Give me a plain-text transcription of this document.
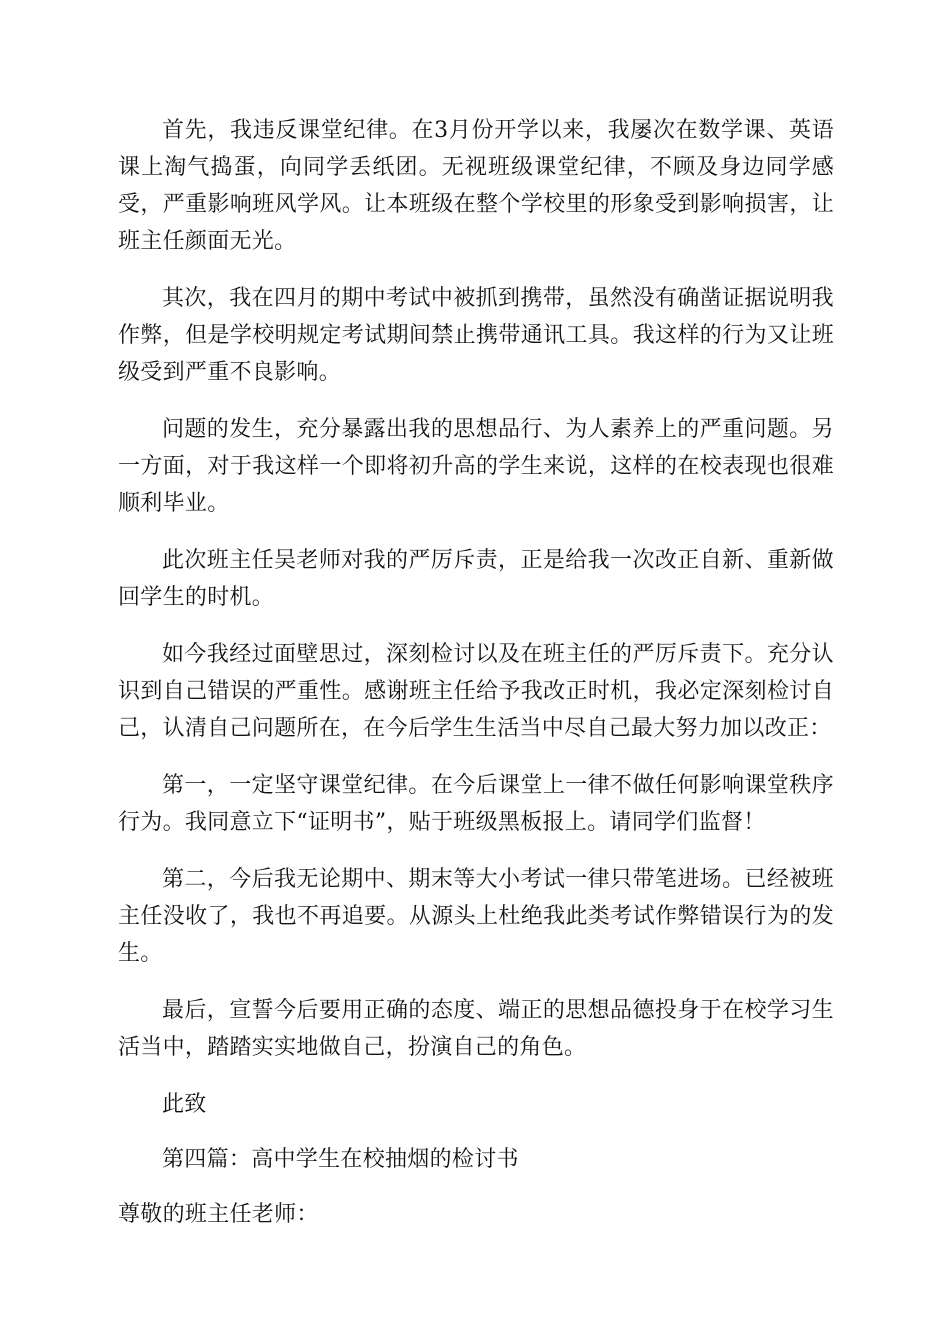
首先，我违反课堂纪律。在3月份开学以来，我屡次在数学课、英语课上淘气捣蛋，向同学丢纸团。无视班级课堂纪律，不顾及身边同学感受，严重影响班风学风。让本班级在整个学校里的形象受到影响损害，让班主任颜面无光。

其次，我在四月的期中考试中被抓到携带，虽然没有确凿证据说明我作弊，但是学校明规定考试期间禁止携带通讯工具。我这样的行为又让班级受到严重不良影响。

问题的发生，充分暴露出我的思想品行、为人素养上的严重问题。另一方面，对于我这样一个即将初升高的学生来说，这样的在校表现也很难顺利毕业。

此次班主任吴老师对我的严厉斥责，正是给我一次改正自新、重新做回学生的时机。

如今我经过面壁思过，深刻检讨以及在班主任的严厉斥责下。充分认识到自己错误的严重性。感谢班主任给予我改正时机，我必定深刻检讨自己，认清自己问题所在，在今后学生生活当中尽自己最大努力加以改正：

第一，一定坚守课堂纪律。在今后课堂上一律不做任何影响课堂秩序行为。我同意立下“证明书”，贴于班级黑板报上。请同学们监督！

第二，今后我无论期中、期末等大小考试一律只带笔进场。已经被班主任没收了，我也不再追要。从源头上杜绝我此类考试作弊错误行为的发生。

最后，宣誓今后要用正确的态度、端正的思想品德投身于在校学习生活当中，踏踏实实地做自己，扮演自己的角色。

此致

第四篇：高中学生在校抽烟的检讨书

尊敬的班主任老师：
